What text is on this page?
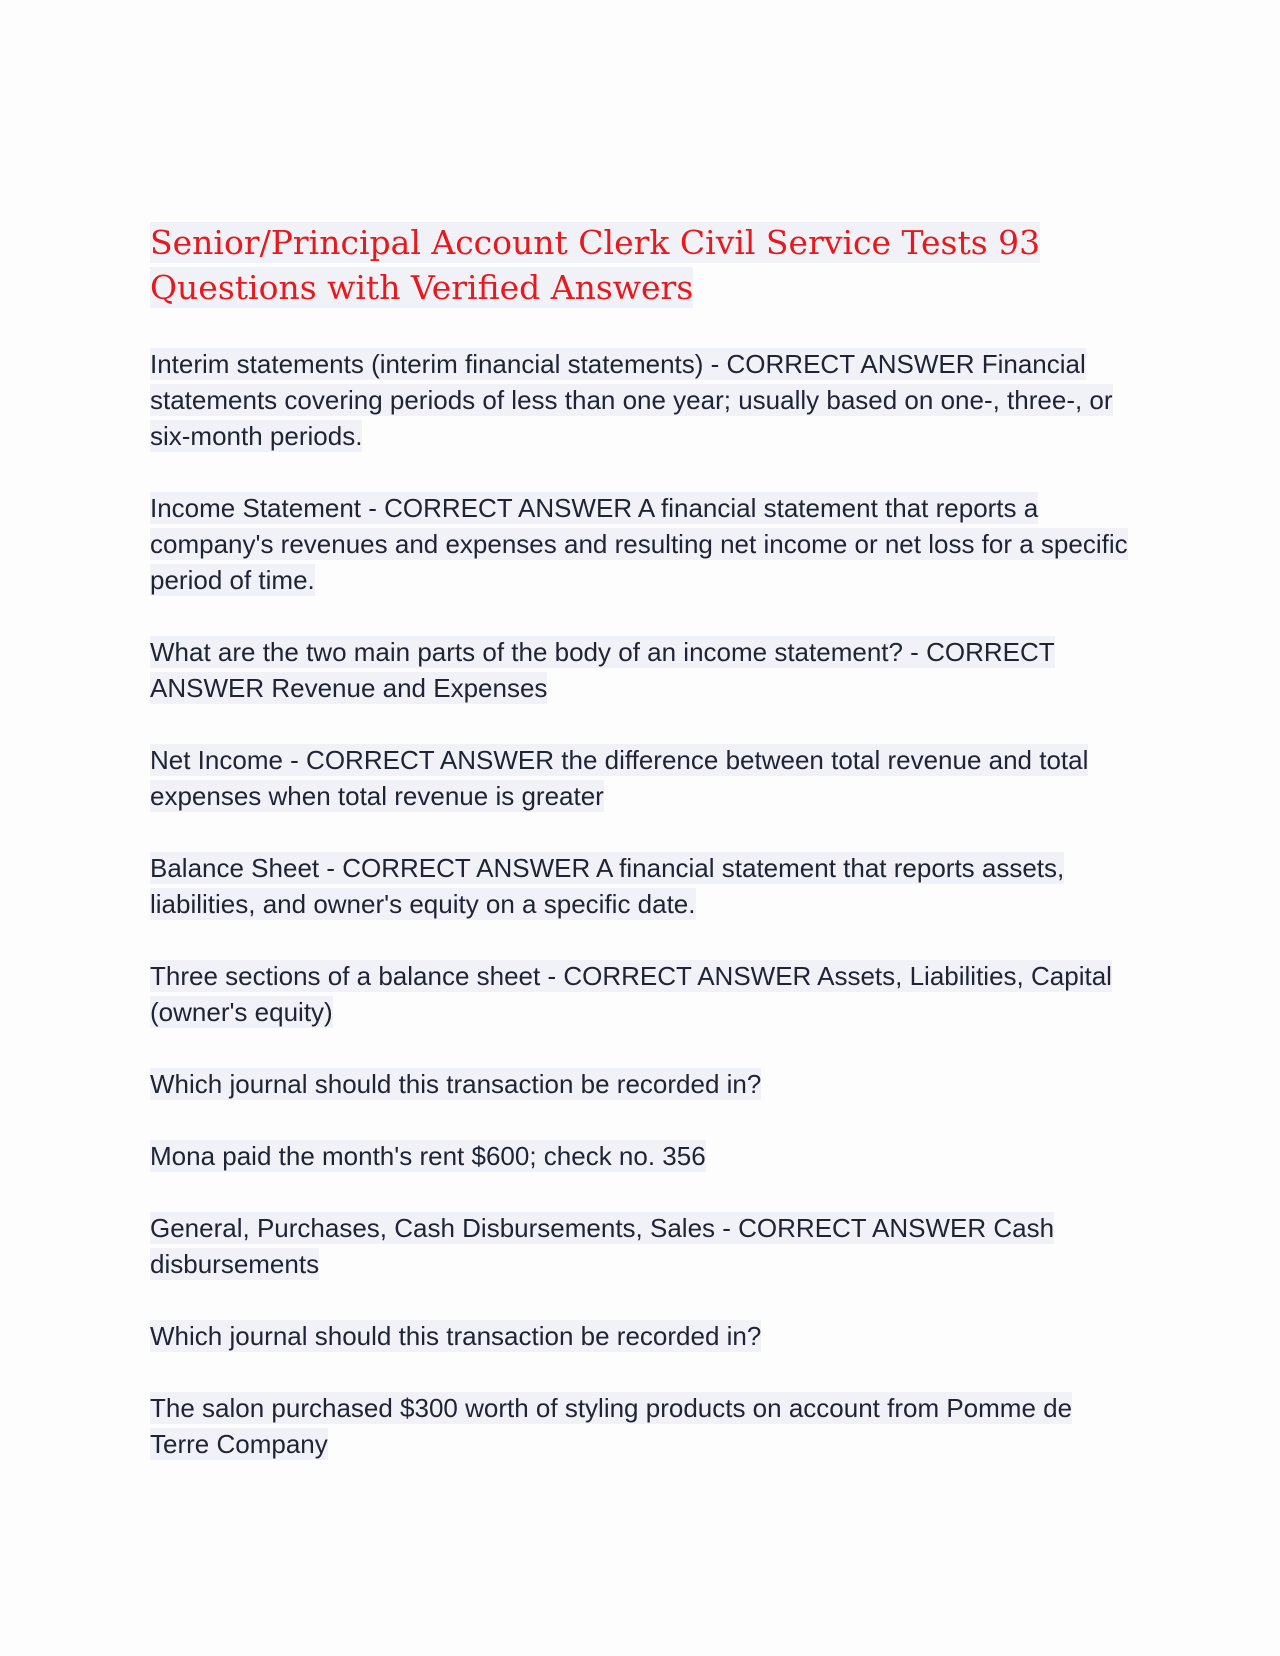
Senior/Principal Account Clerk Civil Service Tests 93 Questions with Verified Answers

Interim statements (interim financial statements) - CORRECT ANSWER Financial statements covering periods of less than one year; usually based on one-, three-, or six-month periods.

Income Statement - CORRECT ANSWER A financial statement that reports a company's revenues and expenses and resulting net income or net loss for a specific period of time.

What are the two main parts of the body of an income statement? - CORRECT ANSWER Revenue and Expenses

Net Income - CORRECT ANSWER the difference between total revenue and total expenses when total revenue is greater

Balance Sheet - CORRECT ANSWER A financial statement that reports assets, liabilities, and owner's equity on a specific date.

Three sections of a balance sheet - CORRECT ANSWER Assets, Liabilities, Capital (owner's equity)

Which journal should this transaction be recorded in?

Mona paid the month's rent $600; check no. 356

General, Purchases, Cash Disbursements, Sales - CORRECT ANSWER Cash disbursements

Which journal should this transaction be recorded in?

The salon purchased $300 worth of styling products on account from Pomme de Terre Company
